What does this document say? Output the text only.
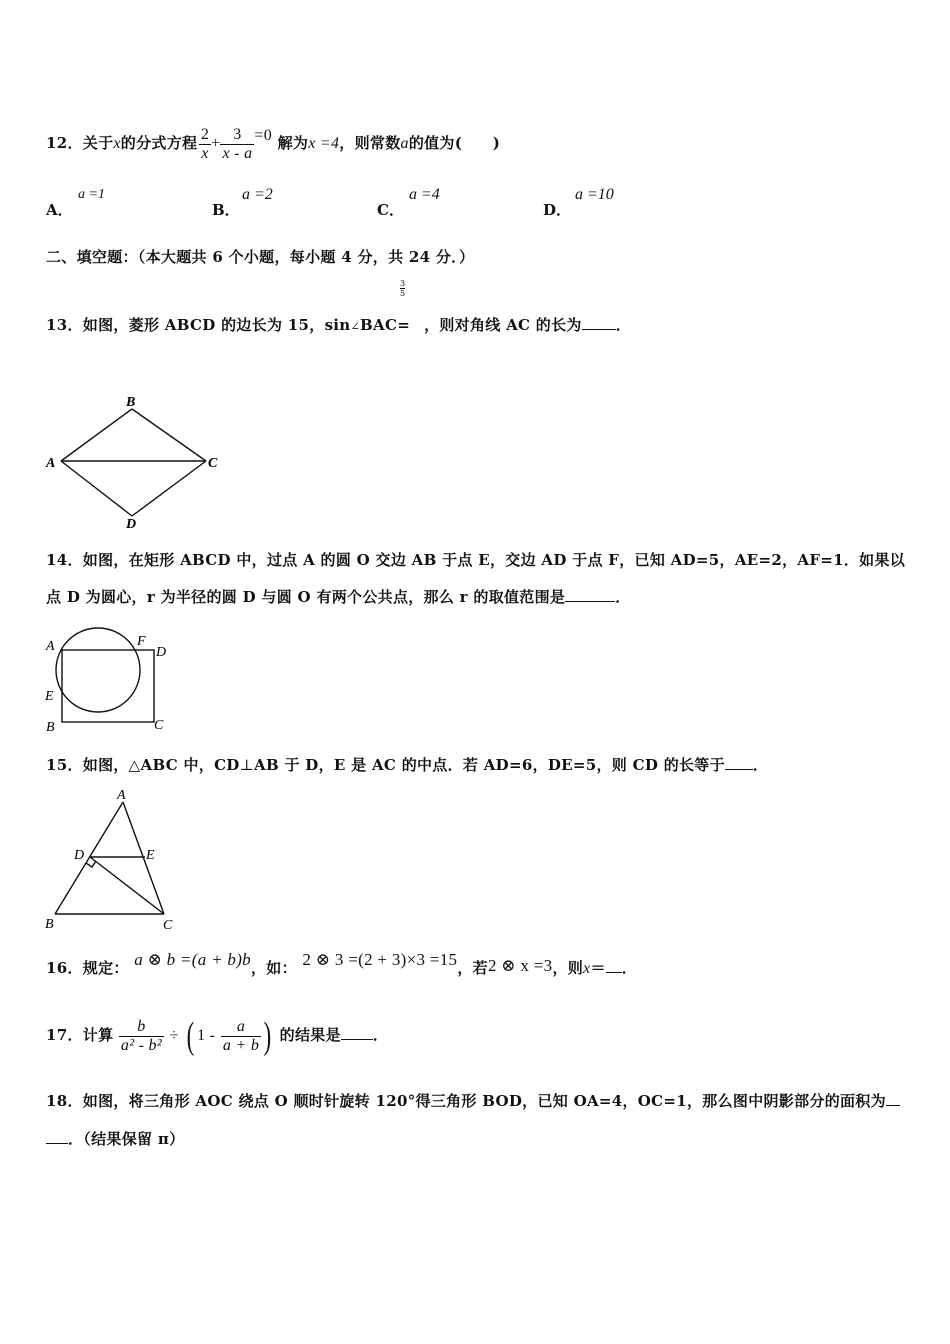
12．关于x的分式方程 $\frac{2}{x} + \frac{3}{x - a} =0$ 解为x =4，则常数a的值为(　　)
A．
a =1
B．
a =2
C．
a =4
D．
a =10
二、填空题：（本大题共 6 个小题，每小题 4 分，共 24 分．）
3
5
13．如图，菱形 ABCD 的边长为 15，sin∠BAC= ，则对角线 AC 的长为 ．
B
A	C
D
14．如图，在矩形 ABCD 中，过点 A 的圆 O 交边 AB 于点 E，交边 AD 于点 F，已知 AD=5，AE=2，AF=1．如果以
点 D 为圆心，r 为半径的圆 D 与圆 O 有两个公共点，那么 r 的取值范围是	．
A	F
D
E
B	C
15．如图，△ABC 中，CD⊥AB 于 D，E 是 AC 的中点．若 AD=6，DE=5，则 CD 的长等于 ．
A
D	E
B	C
16．规定： a ⊗ b =(a + b)b，如： 2 ⊗ 3 =(2 + 3)×3 =15，若2 ⊗ x =3，则x＝ ．
17．计算 $\frac{b}{\text{a² - b²}}$ ÷ ( $1 - \frac{a}{a + b}$ ) 的结果是 ．
18．如图，将三角形 AOC 绕点 O 顺时针旋转 120°得三角形 BOD，已知 OA=4，OC=1，那么图中阴影部分的面积为
．（结果保留 π）
